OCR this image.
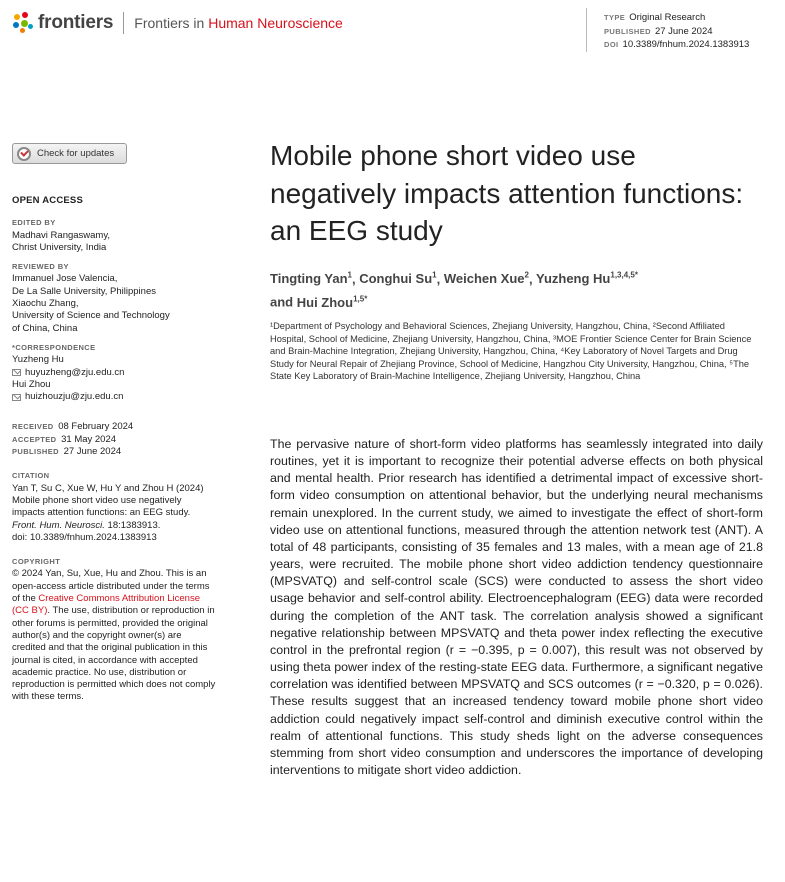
frontiers Frontiers in Human Neuroscience	TYPE Original Research
PUBLISHED 27 June 2024
DOI 10.3389/fnhum.2024.1383913
Check for updates
OPEN ACCESS
EDITED BY
Madhavi Rangaswamy,
Christ University, India
REVIEWED BY
Immanuel Jose Valencia,
De La Salle University, Philippines
Xiaochu Zhang,
University of Science and Technology
of China, China
*CORRESPONDENCE
Yuzheng Hu
huyuzheng@zju.edu.cn
Hui Zhou
huizhouzju@zju.edu.cn
RECEIVED 08 February 2024
ACCEPTED 31 May 2024
PUBLISHED 27 June 2024
CITATION
Yan T, Su C, Xue W, Hu Y and Zhou H (2024)
Mobile phone short video use negatively
impacts attention functions: an EEG study.
Front. Hum. Neurosci. 18:1383913.
doi: 10.3389/fnhum.2024.1383913
COPYRIGHT
© 2024 Yan, Su, Xue, Hu and Zhou. This is an open-access article distributed under the terms of the Creative Commons Attribution License (CC BY). The use, distribution or reproduction in other forums is permitted, provided the original author(s) and the copyright owner(s) are credited and that the original publication in this journal is cited, in accordance with accepted academic practice. No use, distribution or reproduction is permitted which does not comply with these terms.
Mobile phone short video use negatively impacts attention functions: an EEG study
Tingting Yan$^1$, Conghui Su$^1$, Weichen Xue$^2$, Yuzheng $Hu^{1,3,4,5*}$
and Hui Zhou$^{1,5*}$
¹Department of Psychology and Behavioral Sciences, Zhejiang University, Hangzhou, China, ²Second Affiliated Hospital, School of Medicine, Zhejiang University, Hangzhou, China, ³MOE Frontier Science Center for Brain Science and Brain-Machine Integration, Zhejiang University, Hangzhou, China, ⁴Key Laboratory of Novel Targets and Drug Study for Neural Repair of Zhejiang Province, School of Medicine, Hangzhou City University, Hangzhou, China, ⁵The State Key Laboratory of Brain-Machine Intelligence, Zhejiang University, Hangzhou, China

The pervasive nature of short-form video platforms has seamlessly integrated into daily routines, yet it is important to recognize their potential adverse effects on both physical and mental health. Prior research has identified a detrimental impact of excessive short-form video consumption on attentional behavior, but the underlying neural mechanisms remain unexplored. In the current study, we aimed to investigate the effect of short-form video use on attentional functions, measured through the attention network test (ANT). A total of 48 participants, consisting of 35 females and 13 males, with a mean age of 21.8 years, were recruited. The mobile phone short video addiction tendency questionnaire (MPSVATQ) and self-control scale (SCS) were conducted to assess the short video usage behavior and self-control ability. Electroencephalogram (EEG) data were recorded during the completion of the ANT task. The correlation analysis showed a significant negative relationship between MPSVATQ and theta power index reflecting the executive control in the prefrontal region (r = −0.395, p = 0.007), this result was not observed by using theta power index of the resting-state EEG data. Furthermore, a significant negative correlation was identified between MPSVATQ and SCS outcomes (r = −0.320, p = 0.026). These results suggest that an increased tendency toward mobile phone short video addiction could negatively impact self-control and diminish executive control within the realm of attentional functions. This study sheds light on the adverse consequences stemming from short video consumption and underscores the importance of developing interventions to mitigate short video addiction.
